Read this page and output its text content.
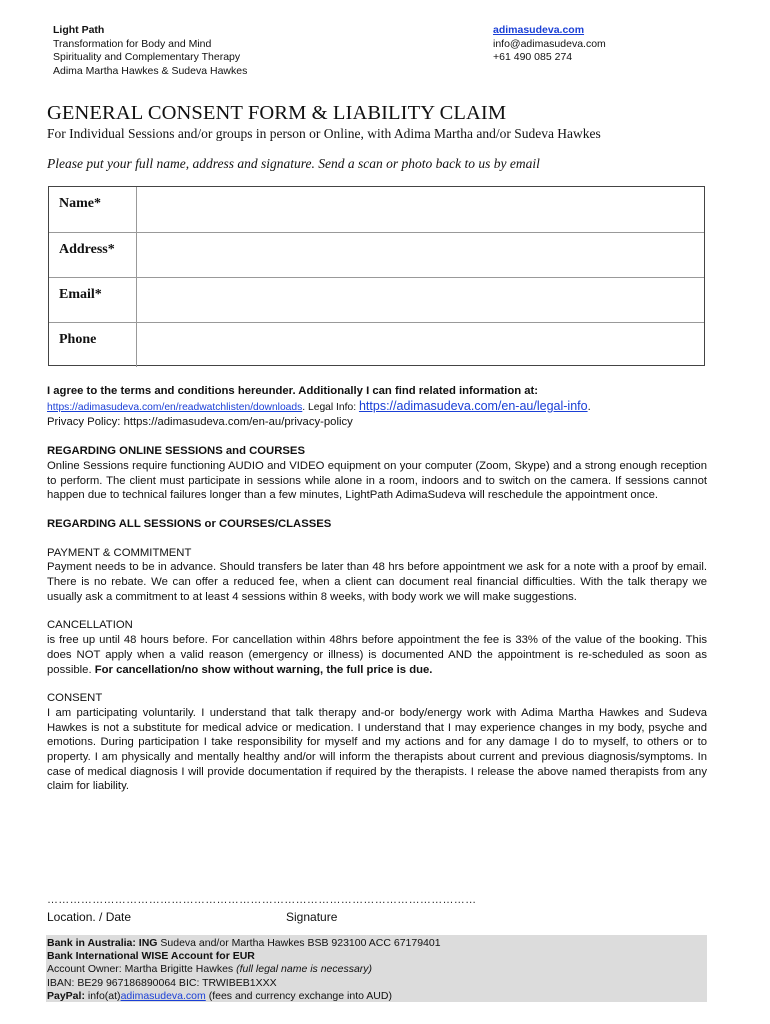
Light Path
Transformation for Body and Mind
Spirituality and Complementary Therapy
Adima Martha Hawkes & Sudeva Hawkes
adimasudeva.com
info@adimasudeva.com
+61 490 085 274
GENERAL CONSENT FORM & LIABILITY CLAIM
For Individual Sessions and/or groups in person or Online, with Adima Martha and/or Sudeva Hawkes
Please put your full name, address and signature. Send a scan or photo back to us by email
Name*
Address*
Email*
Phone

I agree to the terms and conditions hereunder. Additionally I can find related information at:

https://adimasudeva.com/en/readwatchlisten/downloads. Legal Info: https://adimasudeva.com/en-au/legal-info.

Privacy Policy: https://adimasudeva.com/en-au/privacy-policy

REGARDING ONLINE SESSIONS and COURSES

Online Sessions require functioning AUDIO and VIDEO equipment on your computer (Zoom, Skype) and a strong enough reception to perform. The client must participate in sessions while alone in a room, indoors and to switch on the camera. If sessions cannot happen due to technical failures longer than a few minutes, LightPath AdimaSudeva will reschedule the appointment once.

REGARDING ALL SESSIONS or COURSES/CLASSES

PAYMENT & COMMITMENT

Payment needs to be in advance. Should transfers be later than 48 hrs before appointment we ask for a note with a proof by email. There is no rebate. We can offer a reduced fee, when a client can document real financial difficulties. With the talk therapy we usually ask a commitment to at least 4 sessions within 8 weeks, with body work we will make suggestions.

CANCELLATION

is free up until 48 hours before. For cancellation within 48hrs before appointment the fee is 33% of the value of the booking. This does NOT apply when a valid reason (emergency or illness) is documented AND the appointment is re-scheduled as soon as possible. For cancellation/no show without warning, the full price is due.

CONSENT

I am participating voluntarily. I understand that talk therapy and-or body/energy work with Adima Martha Hawkes and Sudeva Hawkes is not a substitute for medical advice or medication. I understand that I may experience changes in my body, psyche and emotions. During participation I take responsibility for myself and my actions and for any damage I do to myself, to others or to property. I am physically and mentally healthy and/or will inform the therapists about current and previous diagnosis/symptoms. In case of medical diagnosis I will provide documentation if required by the therapists. I release the above named therapists from any claim for liability.

……………………………………………………………………………………………………
Location. / Date	Signature
Bank in Australia: ING Sudeva and/or Martha Hawkes BSB 923100 ACC 67179401
Bank International WISE Account for EUR
Account Owner: Martha Brigitte Hawkes (full legal name is necessary)
IBAN: BE29 967186890064 BIC: TRWIBEB1XXX
PayPal: info(at)adimasudeva.com (fees and currency exchange into AUD)
